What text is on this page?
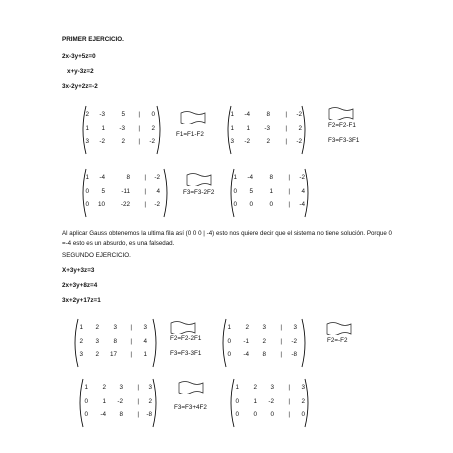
PRIMER EJERCICIO.
2x-3y+5z=0
x+y-3z=2
3x-2y+2z=-2
2	-3	5	|	0
1	1	-3	|	2
3	-2	2	|	-2
1	-4	8	|	-2
1	1	-3	|	2
3	-2	2	|	-2
1	-4	8	|	-2
0	5	-11	|	4
0	10	-22	|	-2
1	-4	8	|	-2
0	5	1	|	4
0	0	0	|	-4
F1=F1-F2
F2=F2-F1
F3=F3-3F1
F3=F3-2F2
Al aplicar Gauss obtenemos la ultima fila así (0 0 0 | -4) esto nos quiere decir que el sistema no tiene solución. Porque 0 =-4 esto es un absurdo, es una falsedad.
SEGUNDO EJERCICIO.
X+3y+3z=3
2x+3y+8z=4
3x+2y+17z=1
1	2	3	|	3
2	3	8	|	4
3	2	17	|	1
1	2	3	|	3
0	-1	2	|	-2
0	-4	8	|	-8
1	2	3	|	3
0	1	-2	|	2
0	-4	8	|	-8
1	2	3	|	3
0	1	-2	|	2
0	0	0	|	0
F2=F2-2F1
F3=F3-3F1
F2=-F2
F3=F3+4F2
